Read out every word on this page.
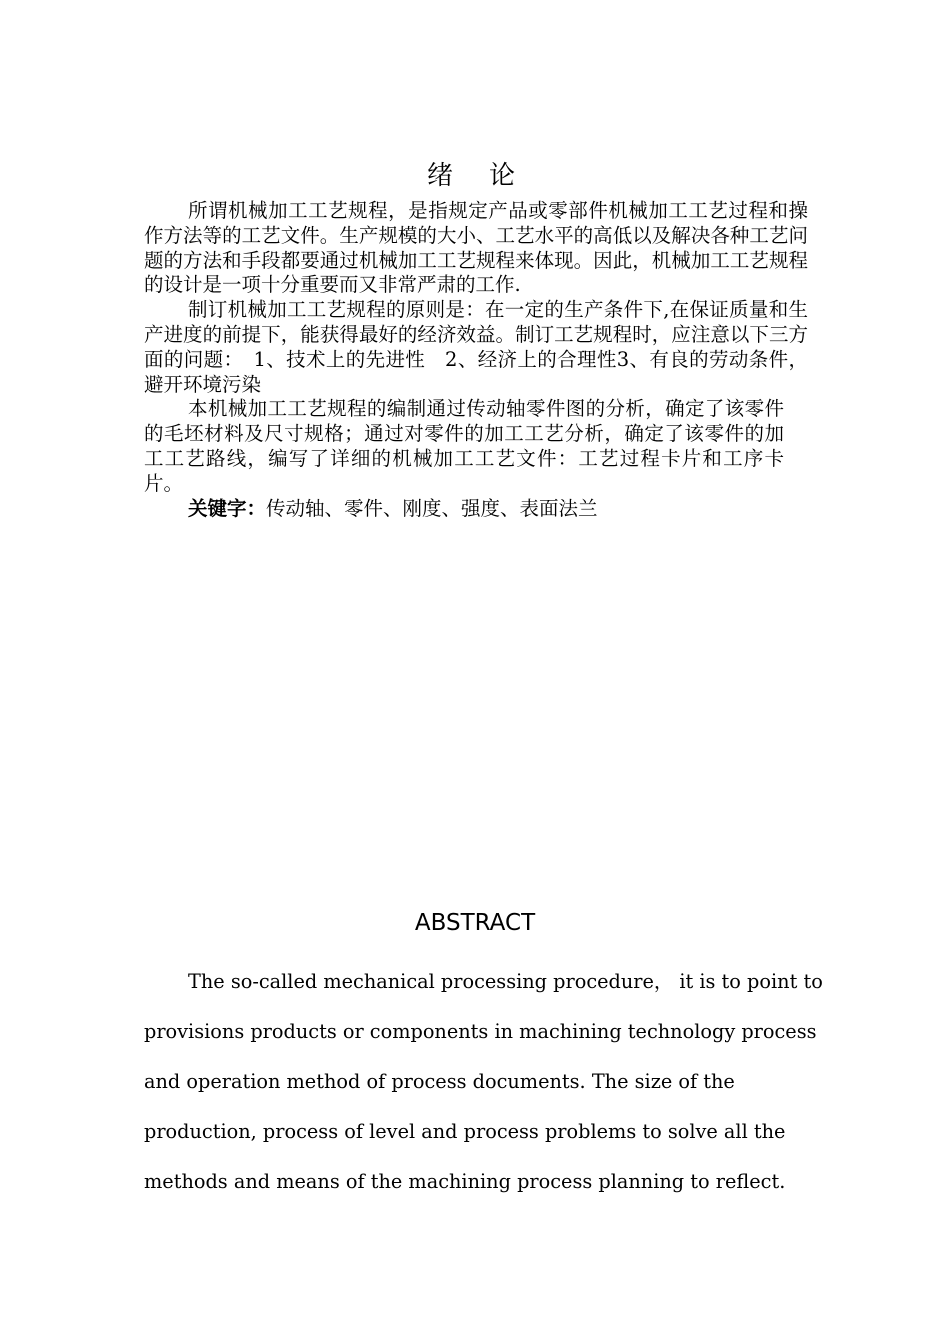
绪论

所谓机械加工工艺规程，是指规定产品或零部件机械加工工艺过程和操作方法等的工艺文件。生产规模的大小、工艺水平的高低以及解决各种工艺问题的方法和手段都要通过机械加工工艺规程来体现。因此，机械加工工艺规程的设计是一项十分重要而又非常严肃的工作.

制订机械加工工艺规程的原则是：在一定的生产条件下,在保证质量和生产进度的前提下，能获得最好的经济效益。制订工艺规程时，应注意以下三方面的问题：　1、技术上的先进性　2、经济上的合理性3、有良的劳动条件，避开环境污染

本机械加工工艺规程的编制通过传动轴零件图的分析，确定了该零件的毛坯材料及尺寸规格；通过对零件的加工工艺分析，确定了该零件的加工工艺路线，编写了详细的机械加工工艺文件：工艺过程卡片和工序卡片。

关键字：传动轴、零件、刚度、强度、表面法兰

ABSTRACT
The so-called mechanical processing procedure， it is to point to
provisions products or components in machining technology process
and operation method of process documents. The size of the
production, process of level and process problems to solve all the
methods and means of the machining process planning to reflect.
